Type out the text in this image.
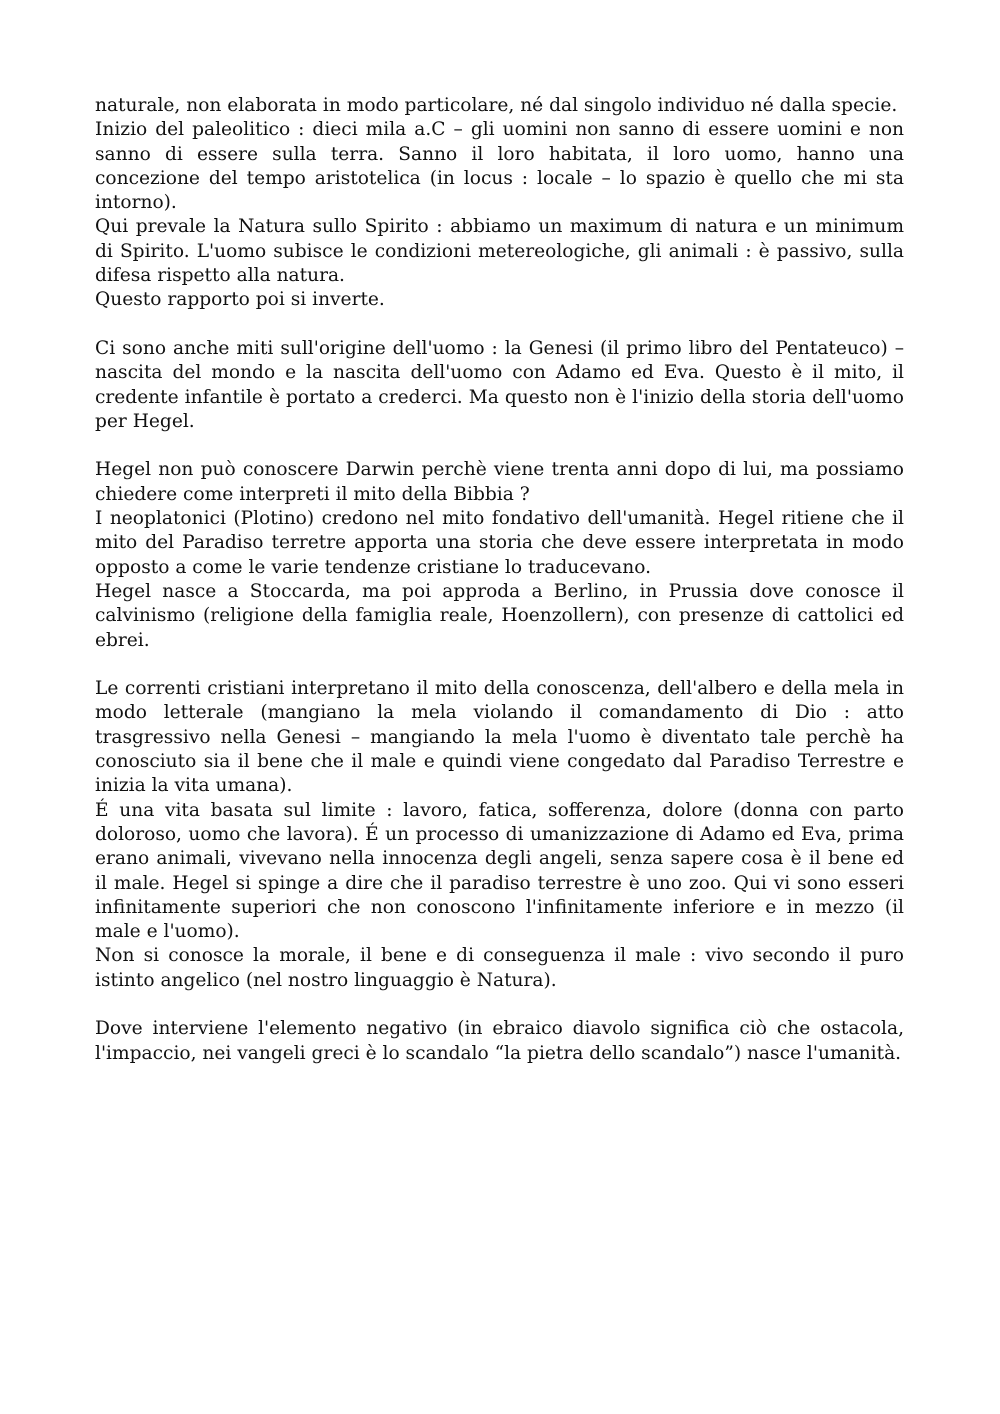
naturale, non elaborata in modo particolare, né dal singolo individuo né dalla specie.

Inizio del paleolitico : dieci mila a.C – gli uomini non sanno di essere uomini e non sanno di essere sulla terra. Sanno il loro habitata, il loro uomo, hanno una concezione del tempo aristotelica (in locus : locale – lo spazio è quello che mi sta intorno).

Qui prevale la Natura sullo Spirito : abbiamo un maximum di natura e un minimum di Spirito. L'uomo subisce le condizioni metereologiche, gli animali : è passivo, sulla difesa rispetto alla natura.

Questo rapporto poi si inverte.

Ci sono anche miti sull'origine dell'uomo : la Genesi (il primo libro del Pentateuco) – nascita del mondo e la nascita dell'uomo con Adamo ed Eva. Questo è il mito, il credente infantile è portato a crederci. Ma questo non è l'inizio della storia dell'uomo per Hegel.

Hegel non può conoscere Darwin perchè viene trenta anni dopo di lui, ma possiamo chiedere come interpreti il mito della Bibbia ?

I neoplatonici (Plotino) credono nel mito fondativo dell'umanità. Hegel ritiene che il mito del Paradiso terretre apporta una storia che deve essere interpretata in modo opposto a come le varie tendenze cristiane lo traducevano.

Hegel nasce a Stoccarda, ma poi approda a Berlino, in Prussia dove conosce il calvinismo (religione della famiglia reale, Hoenzollern), con presenze di cattolici ed ebrei.

Le correnti cristiani interpretano il mito della conoscenza, dell'albero e della mela in modo letterale (mangiano la mela violando il comandamento di Dio : atto trasgressivo nella Genesi – mangiando la mela l'uomo è diventato tale perchè ha conosciuto sia il bene che il male e quindi viene congedato dal Paradiso Terrestre e inizia la vita umana).

É una vita basata sul limite : lavoro, fatica, sofferenza, dolore (donna con parto doloroso, uomo che lavora). É un processo di umanizzazione di Adamo ed Eva, prima erano animali, vivevano nella innocenza degli angeli, senza sapere cosa è il bene ed il male. Hegel si spinge a dire che il paradiso terrestre è uno zoo. Qui vi sono esseri infinitamente superiori che non conoscono l'infinitamente inferiore e in mezzo (il male e l'uomo).

Non si conosce la morale, il bene e di conseguenza il male : vivo secondo il puro istinto angelico (nel nostro linguaggio è Natura).

Dove interviene l'elemento negativo (in ebraico diavolo significa ciò che ostacola, l'impaccio, nei vangeli greci è lo scandalo “la pietra dello scandalo”) nasce l'umanità.
